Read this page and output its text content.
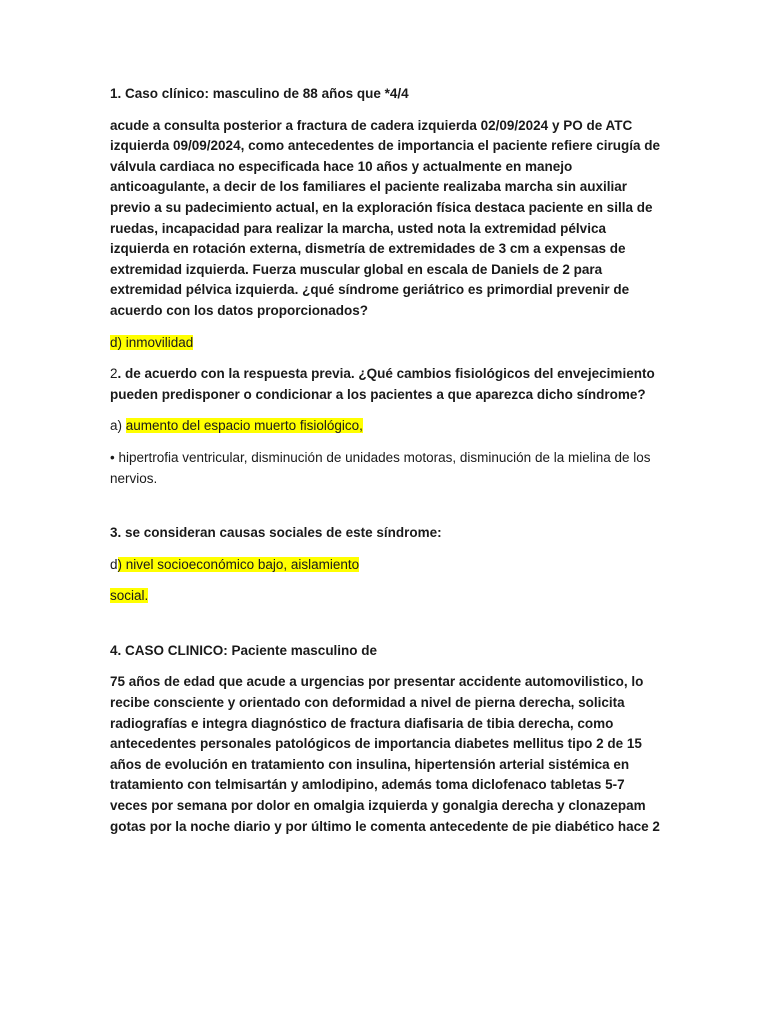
1. Caso clínico: masculino de 88 años que *4/4

acude a consulta posterior a fractura de cadera izquierda 02/09/2024 y PO de ATC izquierda 09/09/2024, como antecedentes de importancia el paciente refiere cirugía de válvula cardiaca no especificada hace 10 años y actualmente en manejo anticoagulante, a decir de los familiares el paciente realizaba marcha sin auxiliar previo a su padecimiento actual, en la exploración física destaca paciente en silla de ruedas, incapacidad para realizar la marcha, usted nota la extremidad pélvica izquierda en rotación externa, dismetría de extremidades de 3 cm a expensas de extremidad izquierda. Fuerza muscular global en escala de Daniels de 2 para extremidad pélvica izquierda. ¿qué síndrome geriátrico es primordial prevenir de acuerdo con los datos proporcionados?

d) inmovilidad

2. de acuerdo con la respuesta previa. ¿Qué cambios fisiológicos del envejecimiento pueden predisponer o condicionar a los pacientes a que aparezca dicho síndrome?

a) aumento del espacio muerto fisiológico,

• hipertrofia ventricular, disminución de unidades motoras, disminución de la mielina de los nervios.

3. se consideran causas sociales de este síndrome:

d) nivel socioeconómico bajo, aislamiento

social.

4. CASO CLINICO: Paciente masculino de

75 años de edad que acude a urgencias por presentar accidente automovilistico, lo recibe consciente y orientado con deformidad a nivel de pierna derecha, solicita radiografías e integra diagnóstico de fractura diafisaria de tibia derecha, como antecedentes personales patológicos de importancia diabetes mellitus tipo 2 de 15 años de evolución en tratamiento con insulina, hipertensión arterial sistémica en tratamiento con telmisartán y amlodipino, además toma diclofenaco tabletas 5-7 veces por semana por dolor en omalgia izquierda y gonalgia derecha y clonazepam gotas por la noche diario y por último le comenta antecedente de pie diabético hace 2
